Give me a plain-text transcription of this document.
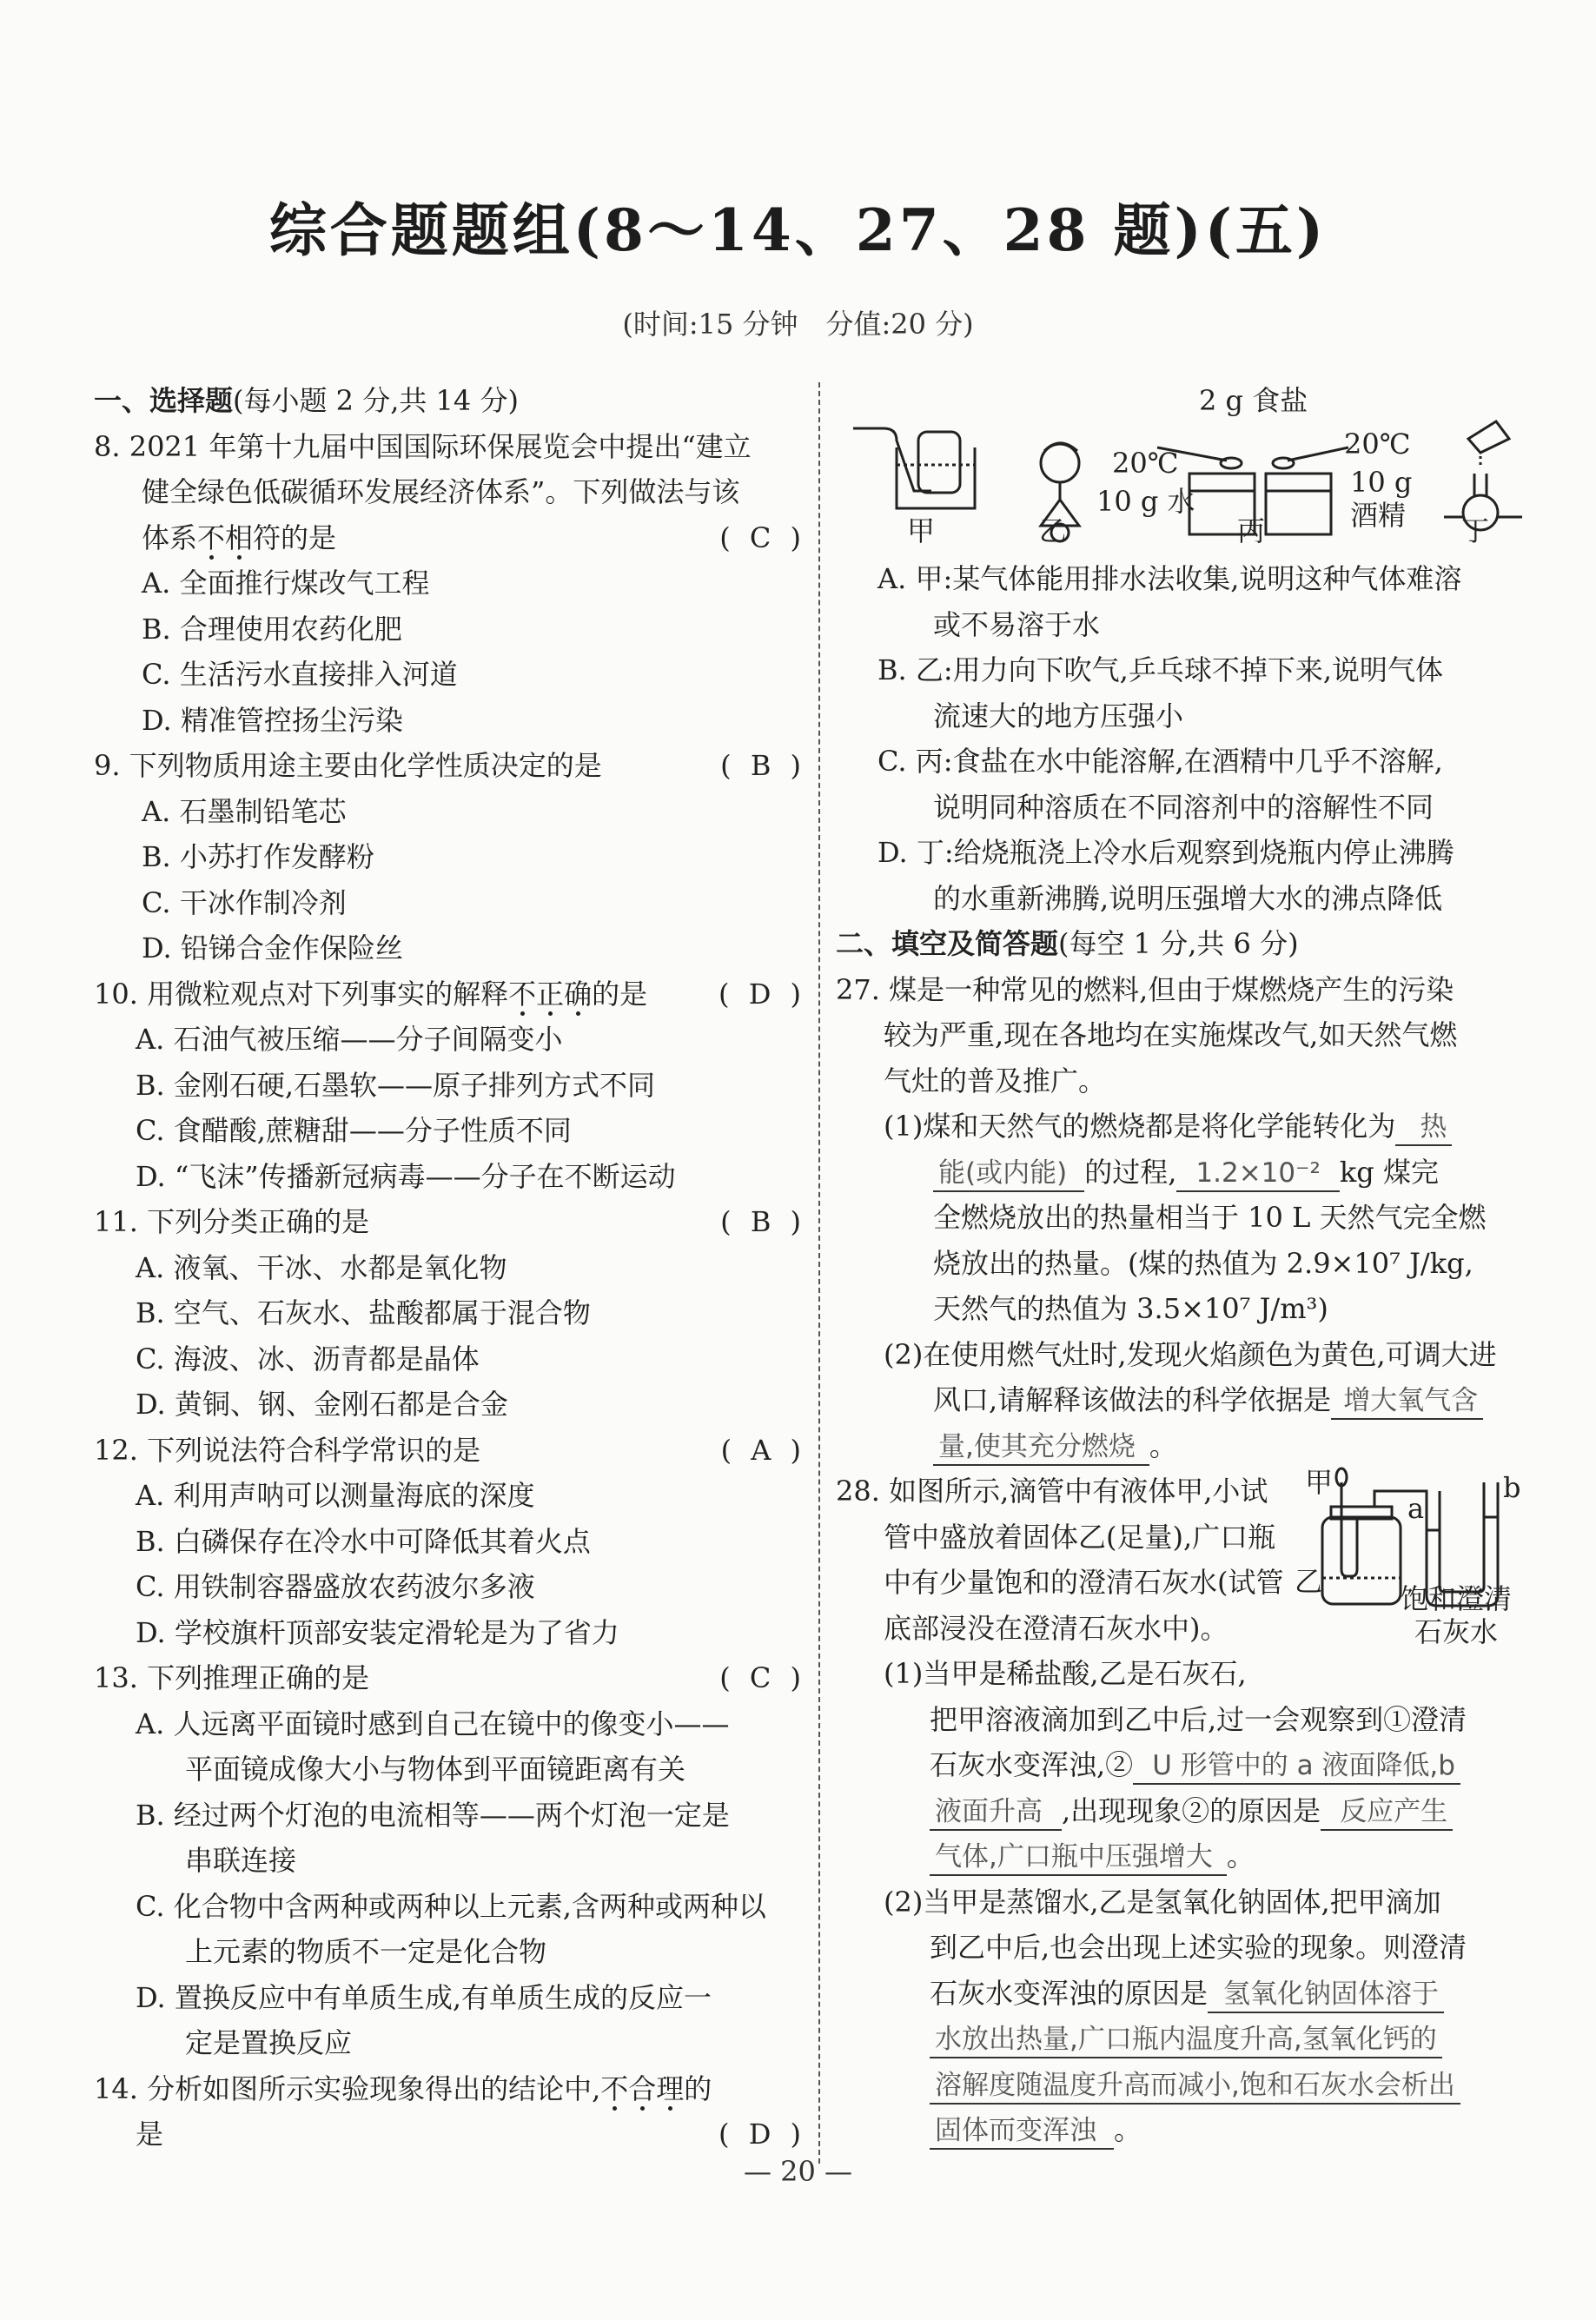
综合题题组(8～14、27、28 题)(五)
(时间:15 分钟　分值:20 分)
一、选择题(每小题 2 分,共 14 分)
8. 2021 年第十九届中国国际环保展览会中提出“建立
健全绿色低碳循环发展经济体系”。下列做法与该
体系不相符的是	( C )
A. 全面推行煤改气工程
B. 合理使用农药化肥
C. 生活污水直接排入河道
D. 精准管控扬尘污染
9. 下列物质用途主要由化学性质决定的是	( B )
A. 石墨制铅笔芯
B. 小苏打作发酵粉
C. 干冰作制冷剂
D. 铅锑合金作保险丝
10. 用微粒观点对下列事实的解释不正确的是	( D )
A. 石油气被压缩——分子间隔变小
B. 金刚石硬,石墨软——原子排列方式不同
C. 食醋酸,蔗糖甜——分子性质不同
D. “飞沫”传播新冠病毒——分子在不断运动
11. 下列分类正确的是	( B )
A. 液氧、干冰、水都是氧化物
B. 空气、石灰水、盐酸都属于混合物
C. 海波、冰、沥青都是晶体
D. 黄铜、钢、金刚石都是合金
12. 下列说法符合科学常识的是	( A )
A. 利用声呐可以测量海底的深度
B. 白磷保存在冷水中可降低其着火点
C. 用铁制容器盛放农药波尔多液
D. 学校旗杆顶部安装定滑轮是为了省力
13. 下列推理正确的是	( C )
A. 人远离平面镜时感到自己在镜中的像变小——
平面镜成像大小与物体到平面镜距离有关
B. 经过两个灯泡的电流相等——两个灯泡一定是
串联连接
C. 化合物中含两种或两种以上元素,含两种或两种以
上元素的物质不一定是化合物
D. 置换反应中有单质生成,有单质生成的反应一
定是置换反应
14. 分析如图所示实验现象得出的结论中,不合理的
是	( D )
甲	乙	丙	丁
2 g 食盐
20℃
10 g 水
20℃
10 g
酒精
A. 甲:某气体能用排水法收集,说明这种气体难溶
或不易溶于水
B. 乙:用力向下吹气,乒乓球不掉下来,说明气体
流速大的地方压强小
C. 丙:食盐在水中能溶解,在酒精中几乎不溶解,
说明同种溶质在不同溶剂中的溶解性不同
D. 丁:给烧瓶浇上冷水后观察到烧瓶内停止沸腾
的水重新沸腾,说明压强增大水的沸点降低
二、填空及简答题(每空 1 分,共 6 分)
27. 煤是一种常见的燃料,但由于煤燃烧产生的污染
较为严重,现在各地均在实施煤改气,如天然气燃
气灶的普及推广。
(1)煤和天然气的燃烧都是将化学能转化为 热
能(或内能) 的过程, 1.2×10⁻² kg 煤完
全燃烧放出的热量相当于 10 L 天然气完全燃
烧放出的热量。(煤的热值为 2.9×10⁷ J/kg,
天然气的热值为 3.5×10⁷ J/m³)
(2)在使用燃气灶时,发现火焰颜色为黄色,可调大进
风口,请解释该做法的科学依据是 增大氧气含
量,使其充分燃烧 。
28. 如图所示,滴管中有液体甲,小试
管中盛放着固体乙(足量),广口瓶
中有少量饱和的澄清石灰水(试管
底部浸没在澄清石灰水中)。
甲
乙
a
b
饱和澄清
石灰水
(1)当甲是稀盐酸,乙是石灰石,
把甲溶液滴加到乙中后,过一会观察到①澄清
石灰水变浑浊,② U 形管中的 a 液面降低,b
液面升高 ,出现现象②的原因是 反应产生
气体,广口瓶中压强增大 。
(2)当甲是蒸馏水,乙是氢氧化钠固体,把甲滴加
到乙中后,也会出现上述实验的现象。则澄清
石灰水变浑浊的原因是 氢氧化钠固体溶于
水放出热量,广口瓶内温度升高,氢氧化钙的
溶解度随温度升高而减小,饱和石灰水会析出
固体而变浑浊 。
— 20 —
